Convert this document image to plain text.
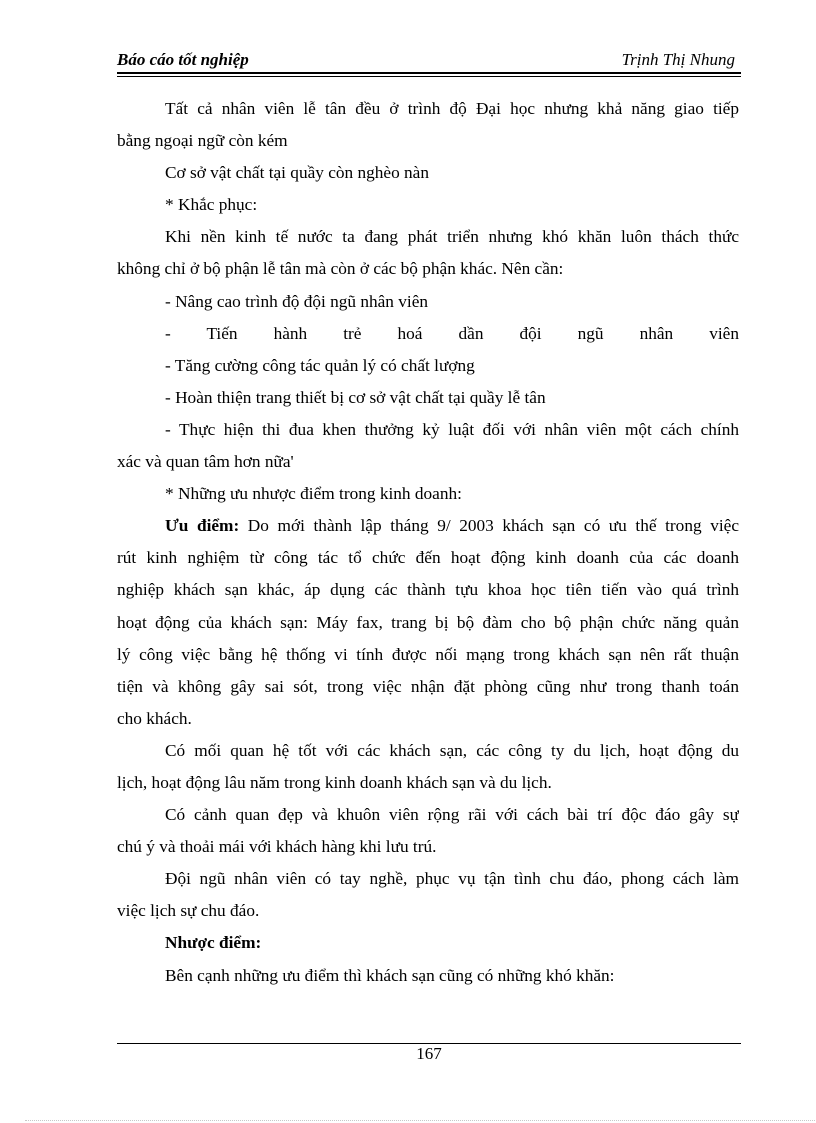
Báo cáo tốt nghiệp	Trịnh Thị Nhung
Tất cả nhân viên lễ tân đều ở trình độ Đại học nhưng khả năng giao tiếp
bằng ngoại ngữ còn kém
Cơ sở vật chất tại quầy còn nghèo nàn
* Khắc phục:
Khi nền kinh tế nước ta đang phát triển nhưng khó khăn luôn thách thức
không chỉ ở bộ phận lễ tân mà còn ở các bộ phận khác. Nên cần:
- Nâng cao trình độ đội ngũ nhân viên
- Tiến hành trẻ hoá dần đội ngũ nhân viên
- Tăng cường công tác quản lý có chất lượng
- Hoàn thiện trang thiết bị cơ sở vật chất tại quầy lễ tân
- Thực hiện thi đua khen thưởng kỷ luật đối với nhân viên một cách chính
xác và quan tâm hơn nữa'
* Những ưu nhược điểm trong kinh doanh:
Ưu điểm: Do mới thành lập tháng 9/ 2003 khách sạn có ưu thế trong việc
rút kinh nghiệm từ công tác tổ chức đến hoạt động kinh doanh của các doanh
nghiệp khách sạn khác, áp dụng các thành tựu khoa học tiên tiến vào quá trình
hoạt động của khách sạn: Máy fax, trang bị bộ đàm cho bộ phận chức năng quản
lý công việc bằng hệ thống vi tính được nối mạng trong khách sạn nên rất thuận
tiện và không gây sai sót, trong việc nhận đặt phòng cũng như trong thanh toán
cho khách.
Có mối quan hệ tốt với các khách sạn, các công ty du lịch, hoạt động du
lịch, hoạt động lâu năm trong kinh doanh khách sạn và du lịch.
Có cảnh quan đẹp và khuôn viên rộng rãi với cách bài trí độc đáo gây sự
chú ý và thoải mái với khách hàng khi lưu trú.
Đội ngũ nhân viên có tay nghề, phục vụ tận tình chu đáo, phong cách làm
việc lịch sự chu đáo.
Nhược điểm:
Bên cạnh những ưu điểm thì khách sạn cũng có những khó khăn:
167
